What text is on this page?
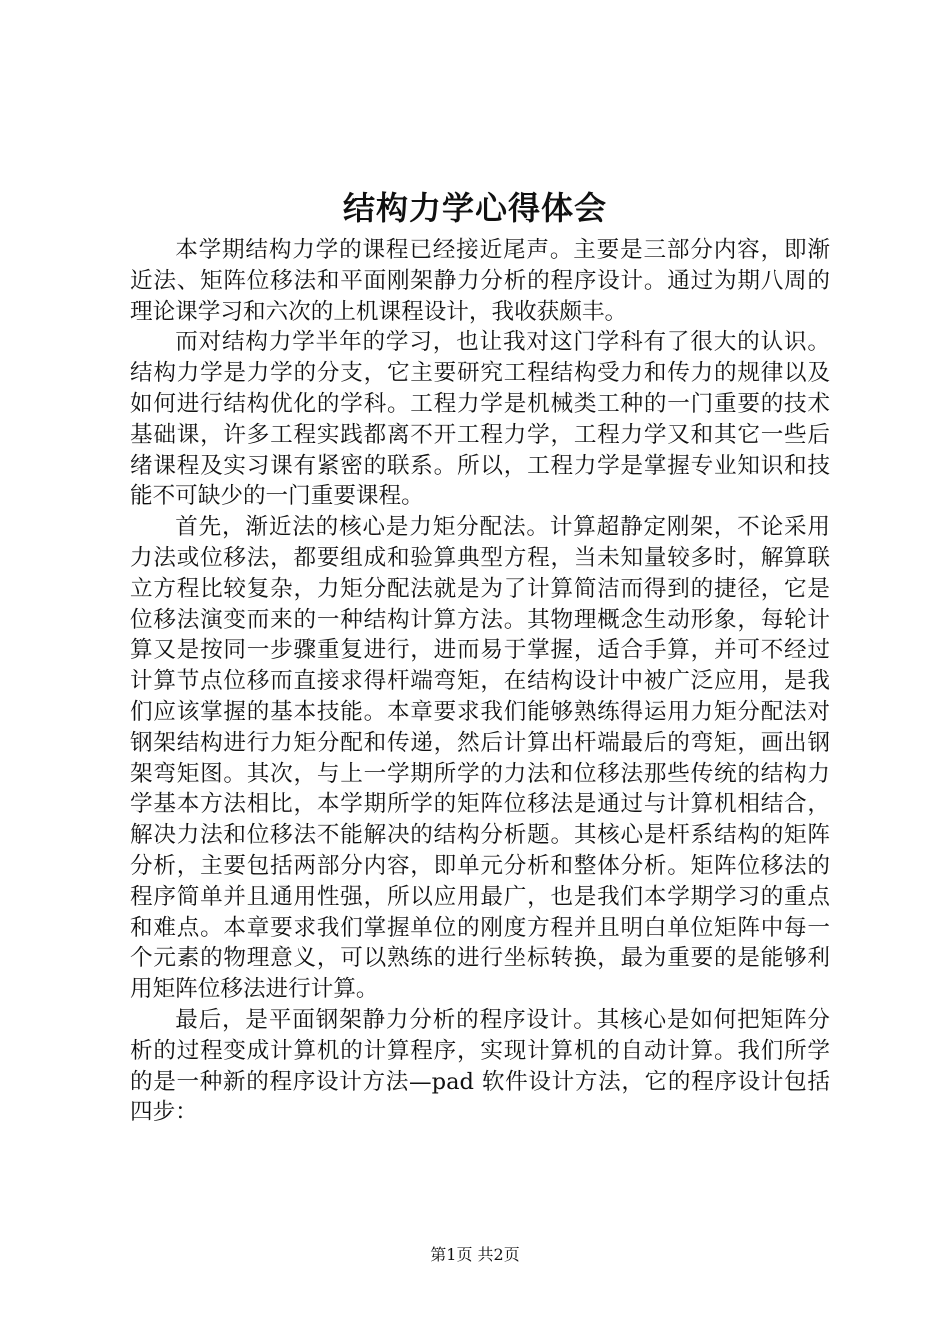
结构力学心得体会

本学期结构力学的课程已经接近尾声。主要是三部分内容，即渐近法、矩阵位移法和平面刚架静力分析的程序设计。通过为期八周的理论课学习和六次的上机课程设计，我收获颇丰。

而对结构力学半年的学习，也让我对这门学科有了很大的认识。结构力学是力学的分支，它主要研究工程结构受力和传力的规律以及如何进行结构优化的学科。工程力学是机械类工种的一门重要的技术基础课，许多工程实践都离不开工程力学，工程力学又和其它一些后绪课程及实习课有紧密的联系。所以，工程力学是掌握专业知识和技能不可缺少的一门重要课程。

首先，渐近法的核心是力矩分配法。计算超静定刚架，不论采用力法或位移法，都要组成和验算典型方程，当未知量较多时，解算联立方程比较复杂，力矩分配法就是为了计算简洁而得到的捷径，它是位移法演变而来的一种结构计算方法。其物理概念生动形象，每轮计算又是按同一步骤重复进行，进而易于掌握，适合手算，并可不经过计算节点位移而直接求得杆端弯矩，在结构设计中被广泛应用，是我们应该掌握的基本技能。本章要求我们能够熟练得运用力矩分配法对钢架结构进行力矩分配和传递，然后计算出杆端最后的弯矩，画出钢架弯矩图。其次，与上一学期所学的力法和位移法那些传统的结构力学基本方法相比，本学期所学的矩阵位移法是通过与计算机相结合，解决力法和位移法不能解决的结构分析题。其核心是杆系结构的矩阵分析，主要包括两部分内容，即单元分析和整体分析。矩阵位移法的程序简单并且通用性强，所以应用最广，也是我们本学期学习的重点和难点。本章要求我们掌握单位的刚度方程并且明白单位矩阵中每一个元素的物理意义，可以熟练的进行坐标转换，最为重要的是能够利用矩阵位移法进行计算。

最后，是平面钢架静力分析的程序设计。其核心是如何把矩阵分析的过程变成计算机的计算程序，实现计算机的自动计算。我们所学的是一种新的程序设计方法—pad 软件设计方法，它的程序设计包括四步：

第1页 共2页
